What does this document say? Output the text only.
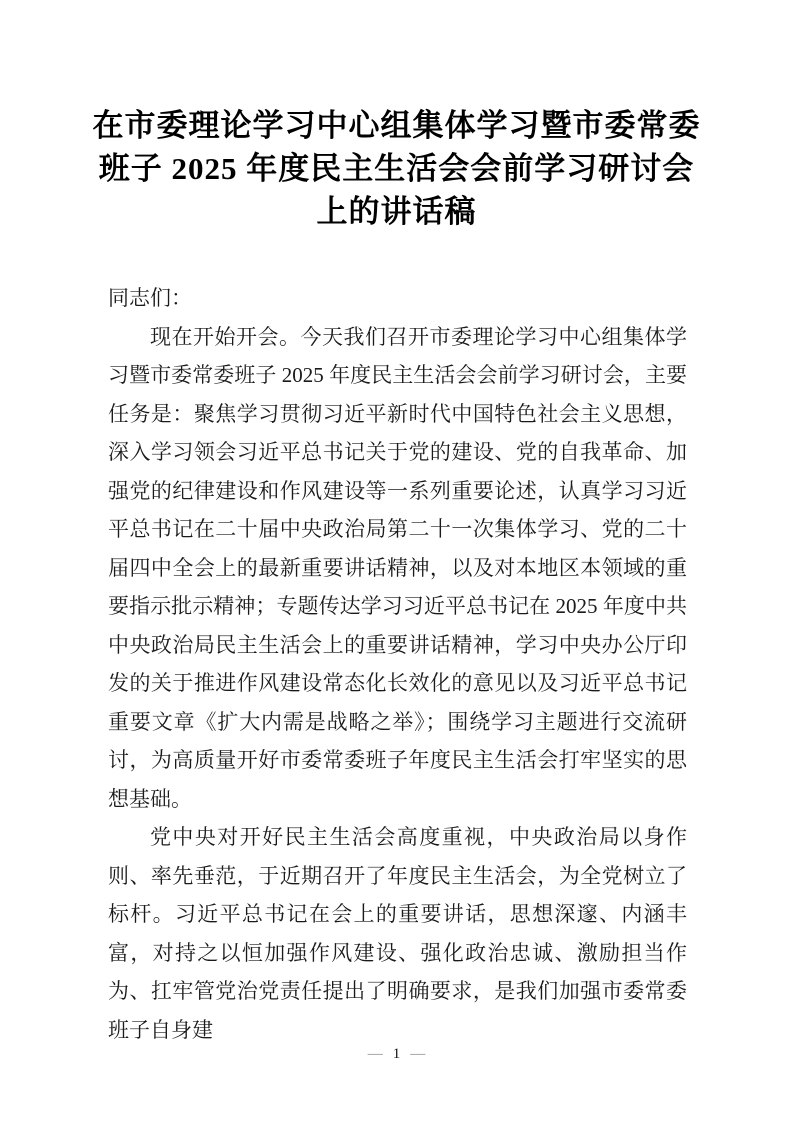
在市委理论学习中心组集体学习暨市委常委班子 2025 年度民主生活会会前学习研讨会上的讲话稿

同志们：

现在开始开会。今天我们召开市委理论学习中心组集体学习暨市委常委班子 2025 年度民主生活会会前学习研讨会，主要任务是：聚焦学习贯彻习近平新时代中国特色社会主义思想，深入学习领会习近平总书记关于党的建设、党的自我革命、加强党的纪律建设和作风建设等一系列重要论述，认真学习习近平总书记在二十届中央政治局第二十一次集体学习、党的二十届四中全会上的最新重要讲话精神，以及对本地区本领域的重要指示批示精神；专题传达学习习近平总书记在 2025 年度中共中央政治局民主生活会上的重要讲话精神，学习中央办公厅印发的关于推进作风建设常态化长效化的意见以及习近平总书记重要文章《扩大内需是战略之举》；围绕学习主题进行交流研讨，为高质量开好市委常委班子年度民主生活会打牢坚实的思想基础。

党中央对开好民主生活会高度重视，中央政治局以身作则、率先垂范，于近期召开了年度民主生活会，为全党树立了标杆。习近平总书记在会上的重要讲话，思想深邃、内涵丰富，对持之以恒加强作风建设、强化政治忠诚、激励担当作为、扛牢管党治党责任提出了明确要求，是我们加强市委常委班子自身建

— 1 —
